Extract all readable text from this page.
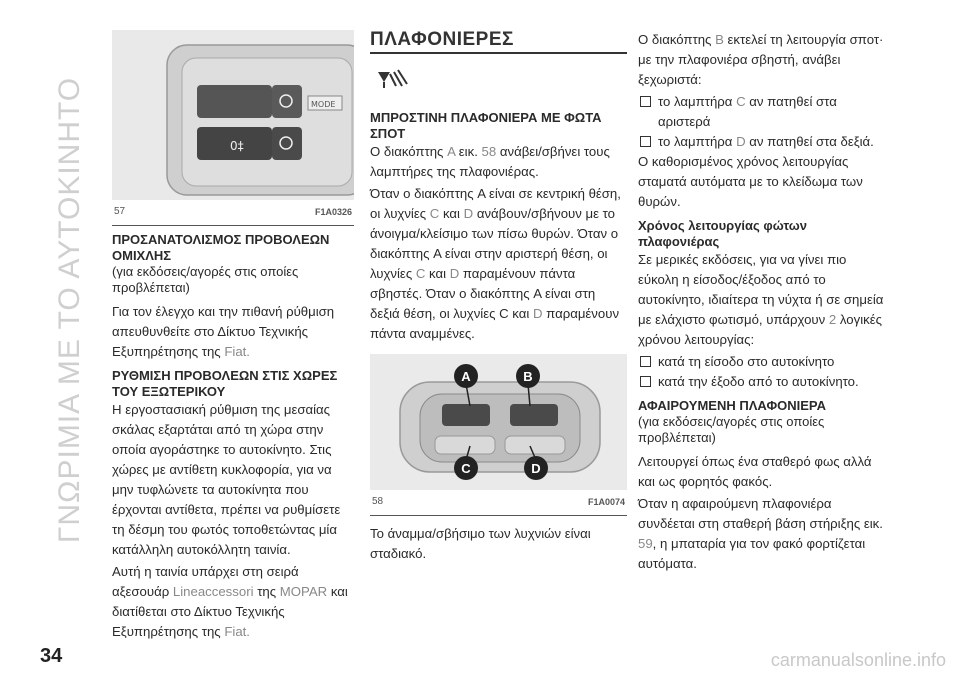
ΓΝΩΡΙΜΙΑ ΜΕ ΤΟ ΑΥΤΟΚΙΝΗΤΟ	0‡
MODE
57	F1A0326
ΠΡΟΣΑΝΑΤΟΛΙΣΜΟΣ ΠΡΟΒΟΛΕΩΝ ΟΜΙΧΛΗΣ
(για εκδόσεις/αγορές στις οποίες προβλέπεται)

Για τον έλεγχο και την πιθανή ρύθμιση απευθυνθείτε στο Δίκτυο Τεχνικής Εξυπηρέτησης της Fiat.

ΡΥΘΜΙΣΗ ΠΡΟΒΟΛΕΩΝ ΣΤΙΣ ΧΩΡΕΣ ΤΟΥ ΕΞΩΤΕΡΙΚΟΥ

Η εργοστασιακή ρύθμιση της μεσαίας σκάλας εξαρτάται από τη χώρα στην οποία αγοράστηκε το αυτοκίνητο. Στις χώρες με αντίθετη κυκλοφορία, για να μην τυφλώνετε τα αυτοκίνητα που έρχονται αντίθετα, πρέπει να ρυθμίσετε τη δέσμη του φωτός τοποθετώντας μία κατάλληλη αυτοκόλλητη ταινία.

Αυτή η ταινία υπάρχει στη σειρά αξεσουάρ Lineaccessori της MOPAR και διατίθεται στο Δίκτυο Τεχνικής Εξυπηρέτησης της Fiat.

ΠΛΑΦΟΝΙΕΡΕΣ
ΜΠΡΟΣΤΙΝΗ ΠΛΑΦΟΝΙΕΡΑ ΜΕ ΦΩΤΑ ΣΠΟΤ

Ο διακόπτης A εικ. 58 ανάβει/σβήνει τους λαμπτήρες της πλαφονιέρας.

Όταν ο διακόπτης A είναι σε κεντρική θέση, οι λυχνίες C και D ανάβουν/σβήνουν με το άνοιγμα/κλείσιμο των πίσω θυρών. Όταν ο διακόπτης A είναι στην αριστερή θέση, οι λυχνίες C και D παραμένουν πάντα σβηστές. Όταν ο διακόπτης A είναι στη δεξιά θέση, οι λυχνίες C και D παραμένουν πάντα αναμμένες.

A	B
C	D
58	F1A0074

Το άναμμα/σβήσιμο των λυχνιών είναι σταδιακό.

Ο διακόπτης B εκτελεί τη λειτουργία σποτ· με την πλαφονιέρα σβηστή, ανάβει ξεχωριστά:

το λαμπτήρα C αν πατηθεί στα αριστερά
το λαμπτήρα D αν πατηθεί στα δεξιά.

Ο καθορισμένος χρόνος λειτουργίας σταματά αυτόματα με το κλείδωμα των θυρών.

Χρόνος λειτουργίας φώτων πλαφονιέρας

Σε μερικές εκδόσεις, για να γίνει πιο εύκολη η είσοδος/έξοδος από το αυτοκίνητο, ιδιαίτερα τη νύχτα ή σε σημεία με ελάχιστο φωτισμό, υπάρχουν 2 λογικές χρόνου λειτουργίας:

κατά τη είσοδο στο αυτοκίνητο
κατά την έξοδο από το αυτοκίνητο.
ΑΦΑΙΡΟΥΜΕΝΗ ΠΛΑΦΟΝΙΕΡΑ
(για εκδόσεις/αγορές στις οποίες προβλέπεται)

Λειτουργεί όπως ένα σταθερό φως αλλά και ως φορητός φακός.

Όταν η αφαιρούμενη πλαφονιέρα συνδέεται στη σταθερή βάση στήριξης εικ. 59, η μπαταρία για τον φακό φορτίζεται αυτόματα.

34	carmanualsonline.info
